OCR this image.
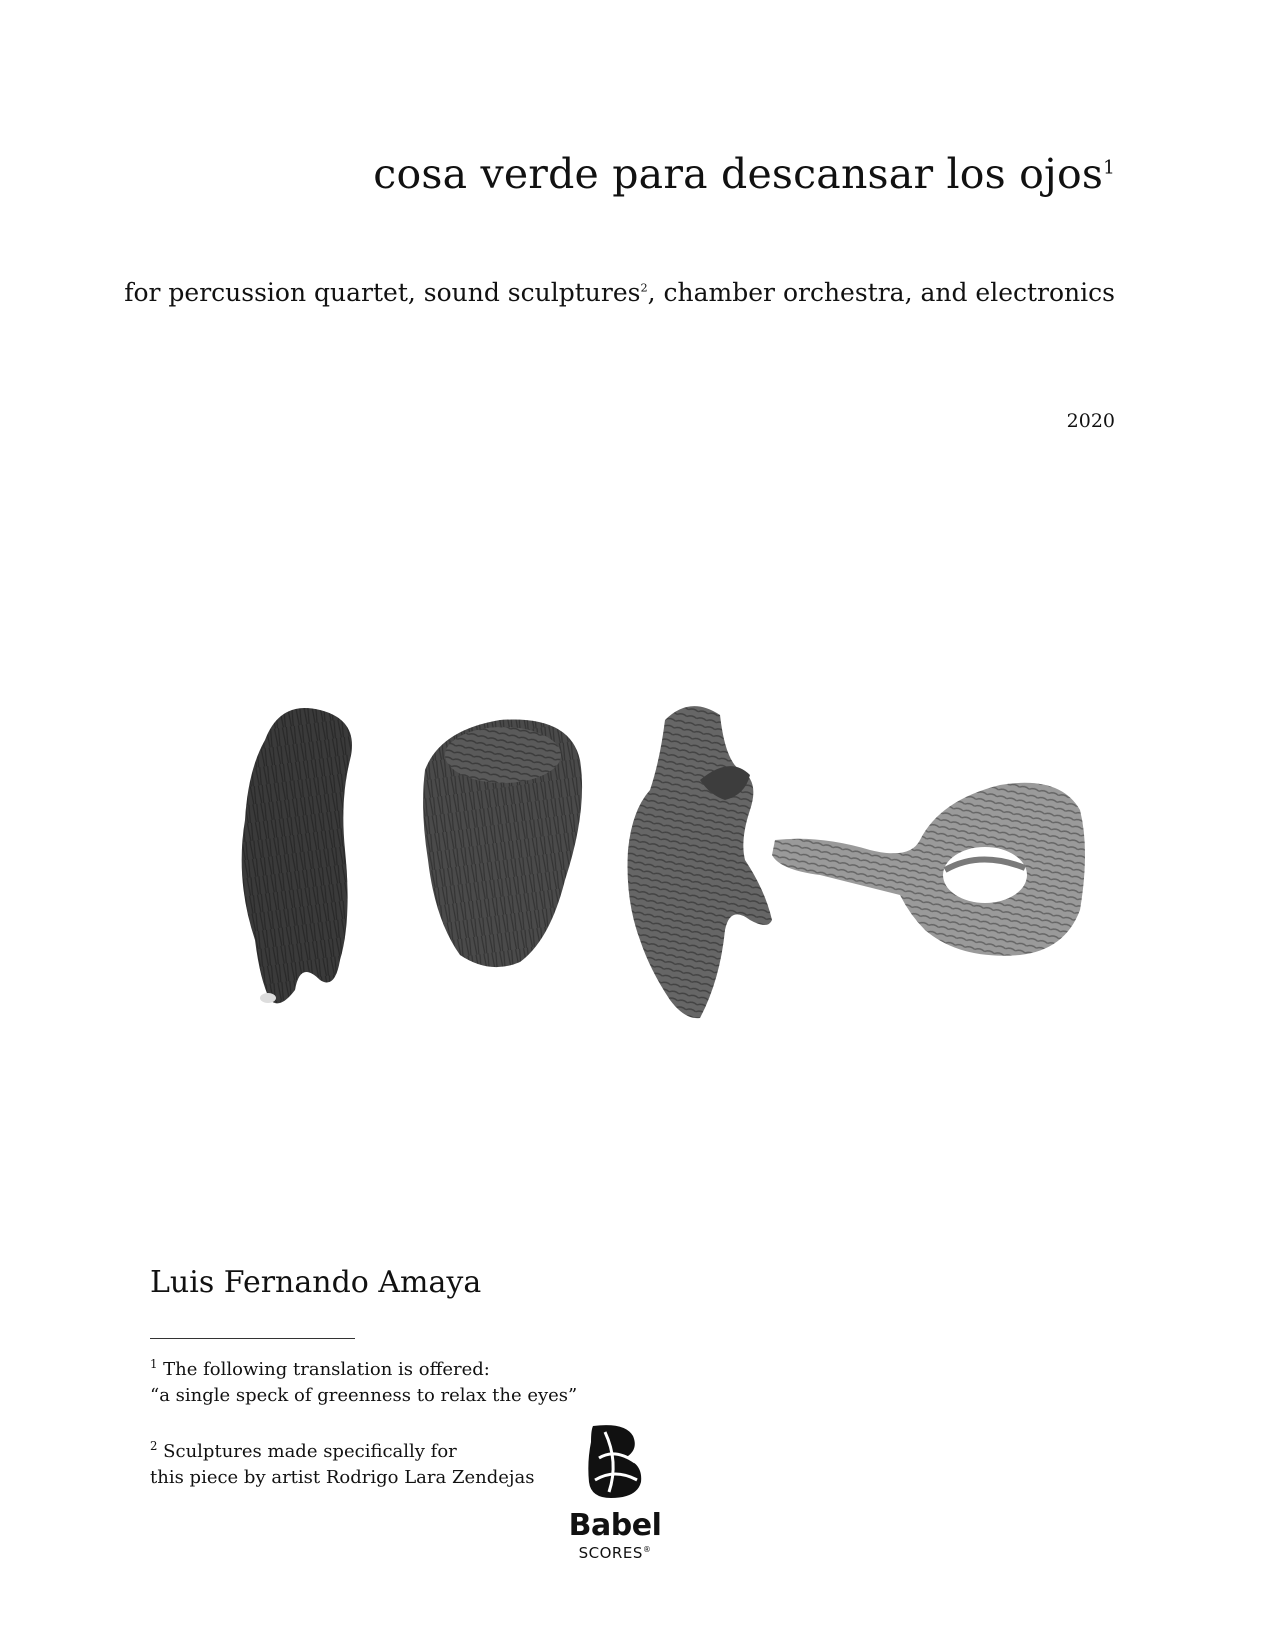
cosa verde para descansar los ojos$^1$
for percussion quartet, sound sculptures$^2$, chamber orchestra, and electronics
2020
Luis Fernando Amaya
$^1$ The following translation is offered:
“a single speck of greenness to relax the eyes”
$^2$ Sculptures made specifically for
this piece by artist Rodrigo Lara Zendejas
Babel
SCORES®
